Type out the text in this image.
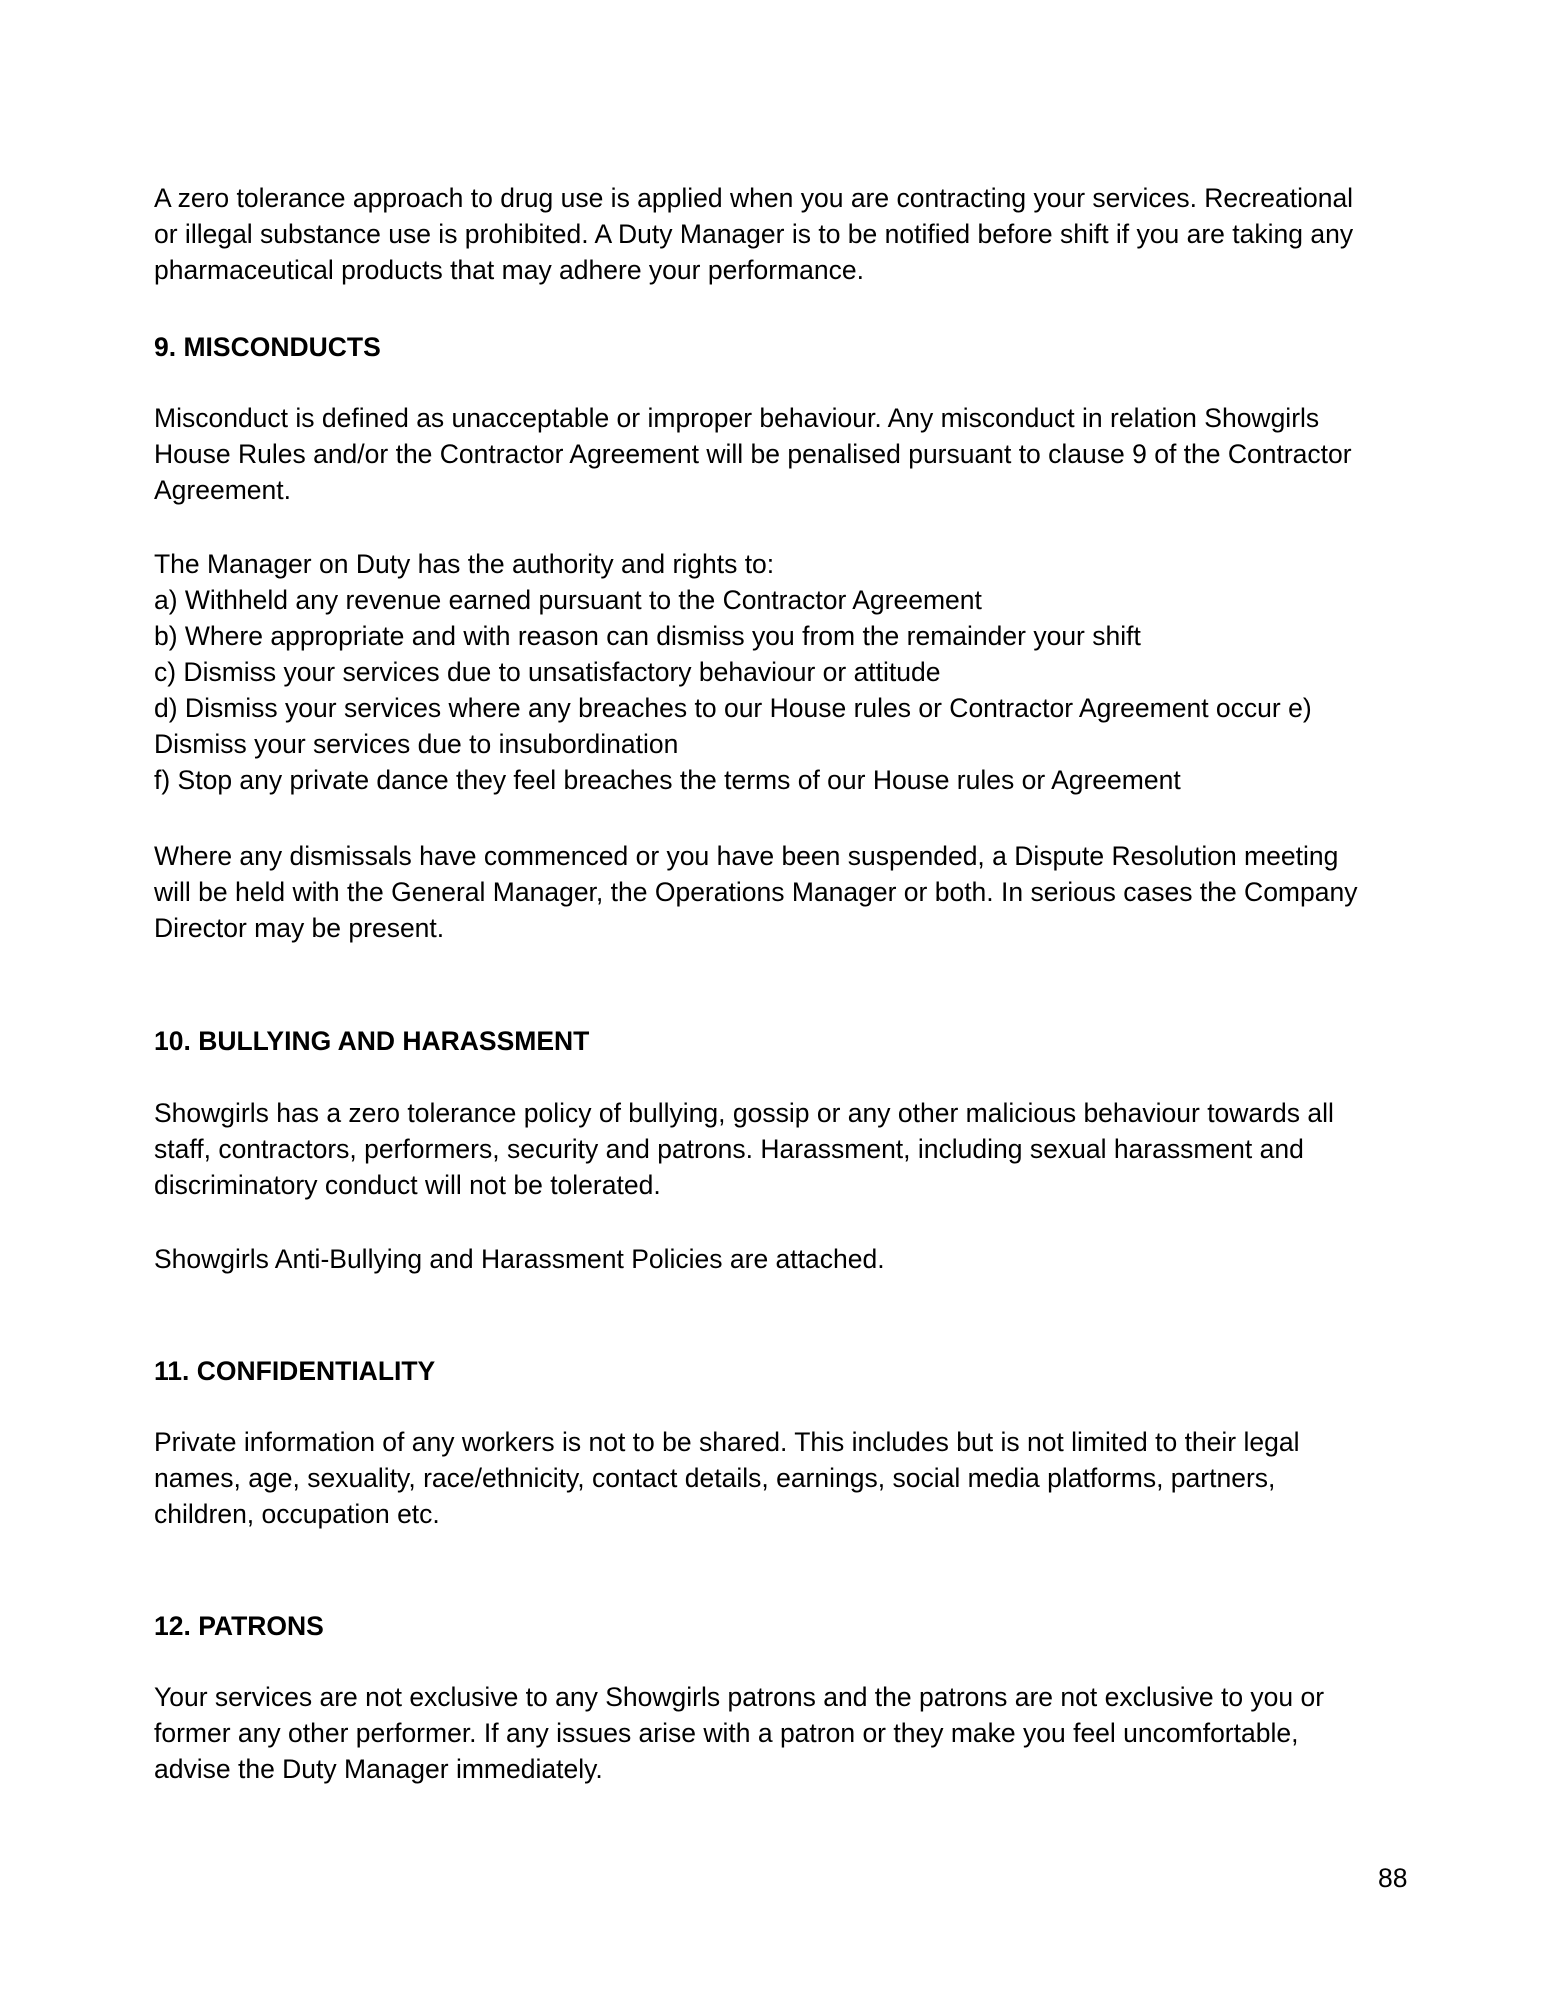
A zero tolerance approach to drug use is applied when you are contracting your services. Recreational
or illegal substance use is prohibited. A Duty Manager is to be notified before shift if you are taking any
pharmaceutical products that may adhere your performance.
9. MISCONDUCTS
Misconduct is defined as unacceptable or improper behaviour. Any misconduct in relation Showgirls
House Rules and/or the Contractor Agreement will be penalised pursuant to clause 9 of the Contractor
Agreement.
The Manager on Duty has the authority and rights to:
a) Withheld any revenue earned pursuant to the Contractor Agreement
b) Where appropriate and with reason can dismiss you from the remainder your shift
c) Dismiss your services due to unsatisfactory behaviour or attitude
d) Dismiss your services where any breaches to our House rules or Contractor Agreement occur e)
Dismiss your services due to insubordination
f) Stop any private dance they feel breaches the terms of our House rules or Agreement
Where any dismissals have commenced or you have been suspended, a Dispute Resolution meeting
will be held with the General Manager, the Operations Manager or both. In serious cases the Company
Director may be present.
10. BULLYING AND HARASSMENT
Showgirls has a zero tolerance policy of bullying, gossip or any other malicious behaviour towards all
staff, contractors, performers, security and patrons. Harassment, including sexual harassment and
discriminatory conduct will not be tolerated.
Showgirls Anti-Bullying and Harassment Policies are attached.
11. CONFIDENTIALITY
Private information of any workers is not to be shared. This includes but is not limited to their legal
names, age, sexuality, race/ethnicity, contact details, earnings, social media platforms, partners,
children, occupation etc.
12. PATRONS
Your services are not exclusive to any Showgirls patrons and the patrons are not exclusive to you or
former any other performer. If any issues arise with a patron or they make you feel uncomfortable,
advise the Duty Manager immediately.
88
